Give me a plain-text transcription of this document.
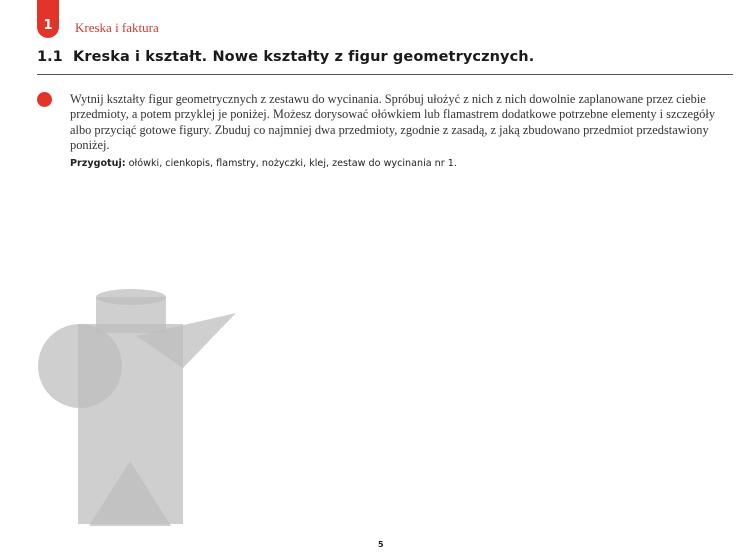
1	Kreska i faktura
1.1 Kreska i kształt. Nowe kształty z figur geometrycznych.

Wytnij kształty figur geometrycznych z zestawu do wycinania. Spróbuj ułożyć z nich z nich dowolnie zaplanowane przez ciebie przedmioty, a potem przyklej je poniżej. Możesz dorysować ołówkiem lub flamastrem dodatkowe potrzebne elementy i szczegóły albo przyciąć gotowe figury. Zbuduj co najmniej dwa przedmioty, zgodnie z zasadą, z jaką zbudowano przedmiot przedstawiony poniżej.

Przygotuj: ołówki, cienkopis, flamstry, nożyczki, klej, zestaw do wycinania nr 1.
5
